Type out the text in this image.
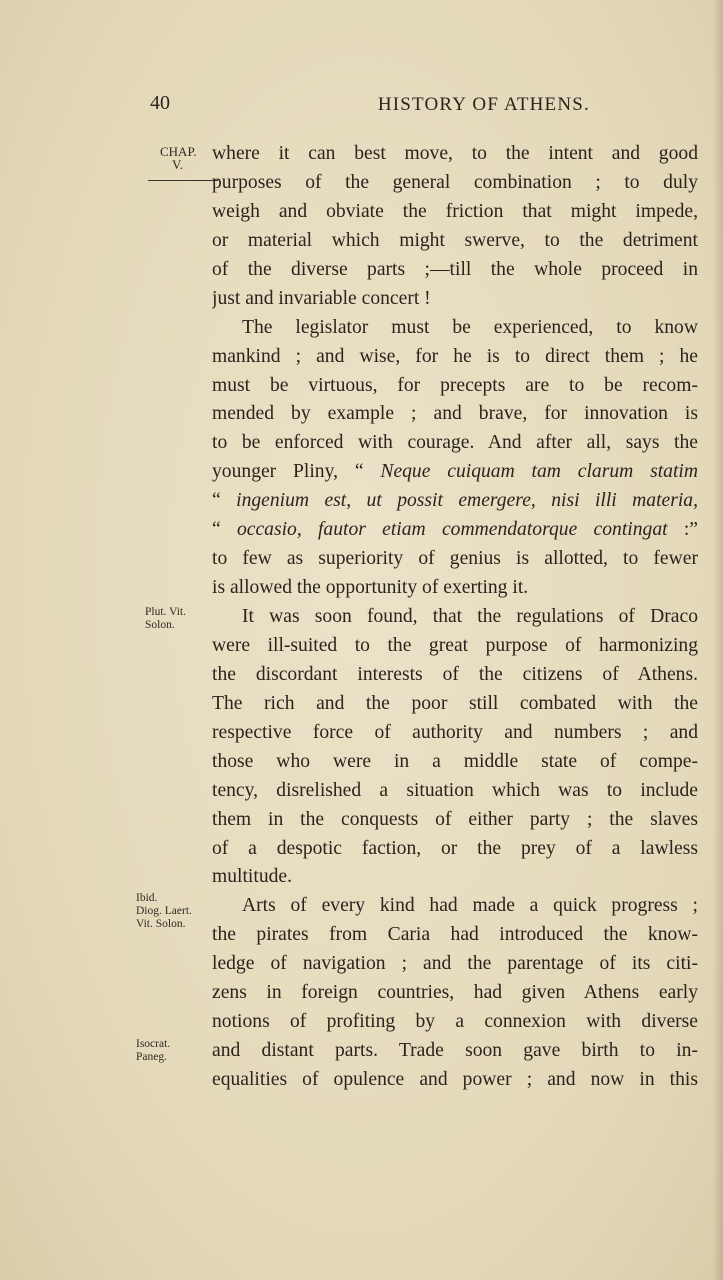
40	HISTORY OF ATHENS.
CHAP.
V.
Plut. Vit.
Solon.
Ibid.
Diog. Laert.
Vit. Solon.
Isocrat.
Paneg.
where it can best move, to the intent and good
purposes of the general combination ; to duly
weigh and obviate the friction that might impede,
or material which might swerve, to the detriment
of the diverse parts ;—till the whole proceed in
just and invariable concert !
The legislator must be experienced, to know
mankind ; and wise, for he is to direct them ; he
must be virtuous, for precepts are to be recom-
mended by example ; and brave, for innovation is
to be enforced with courage. And after all, says the
younger Pliny, “ Neque cuiquam tam clarum statim
“ ingenium est, ut possit emergere, nisi illi materia,
“ occasio, fautor etiam commendatorque contingat :”
to few as superiority of genius is allotted, to fewer
is allowed the opportunity of exerting it.
It was soon found, that the regulations of Draco
were ill-suited to the great purpose of harmonizing
the discordant interests of the citizens of Athens.
The rich and the poor still combated with the
respective force of authority and numbers ; and
those who were in a middle state of compe-
tency, disrelished a situation which was to include
them in the conquests of either party ; the slaves
of a despotic faction, or the prey of a lawless
multitude.
Arts of every kind had made a quick progress ;
the pirates from Caria had introduced the know-
ledge of navigation ; and the parentage of its citi-
zens in foreign countries, had given Athens early
notions of profiting by a connexion with diverse
and distant parts. Trade soon gave birth to in-
equalities of opulence and power ; and now in this
